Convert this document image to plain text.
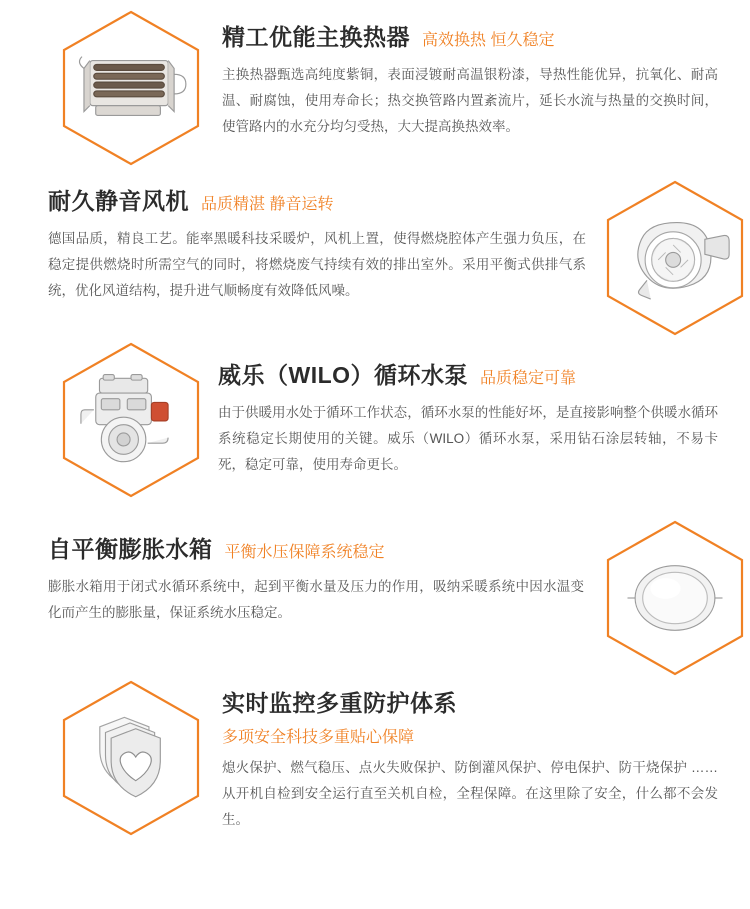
精工优能主换热器 高效换热 恒久稳定
主换热器甄选高纯度紫铜，表面浸镀耐高温银粉漆，导热性能优异，抗氧化、耐高温、耐腐蚀，使用寿命长；热交换管路内置紊流片，延长水流与热量的交换时间，使管路内的水充分均匀受热，大大提高换热效率。
耐久静音风机 品质精湛 静音运转
德国品质，精良工艺。能率黑暖科技采暖炉，风机上置，使得燃烧腔体产生强力负压，在稳定提供燃烧时所需空气的同时，将燃烧废气持续有效的排出室外。采用平衡式供排气系统，优化风道结构，提升进气顺畅度有效降低风噪。
威乐（WILO）循环水泵 品质稳定可靠
由于供暖用水处于循环工作状态，循环水泵的性能好坏，是直接影响整个供暖水循环系统稳定长期使用的关键。威乐（WILO）循环水泵，采用钻石涂层转轴，不易卡死，稳定可靠，使用寿命更长。
自平衡膨胀水箱 平衡水压保障系统稳定
膨胀水箱用于闭式水循环系统中，起到平衡水量及压力的作用，吸纳采暖系统中因水温变化而产生的膨胀量，保证系统水压稳定。
实时监控多重防护体系
多项安全科技多重贴心保障
熄火保护、燃气稳压、点火失败保护、防倒灌风保护、停电保护、防干烧保护 …… 从开机自检到安全运行直至关机自检，全程保障。在这里除了安全，什么都不会发生。
